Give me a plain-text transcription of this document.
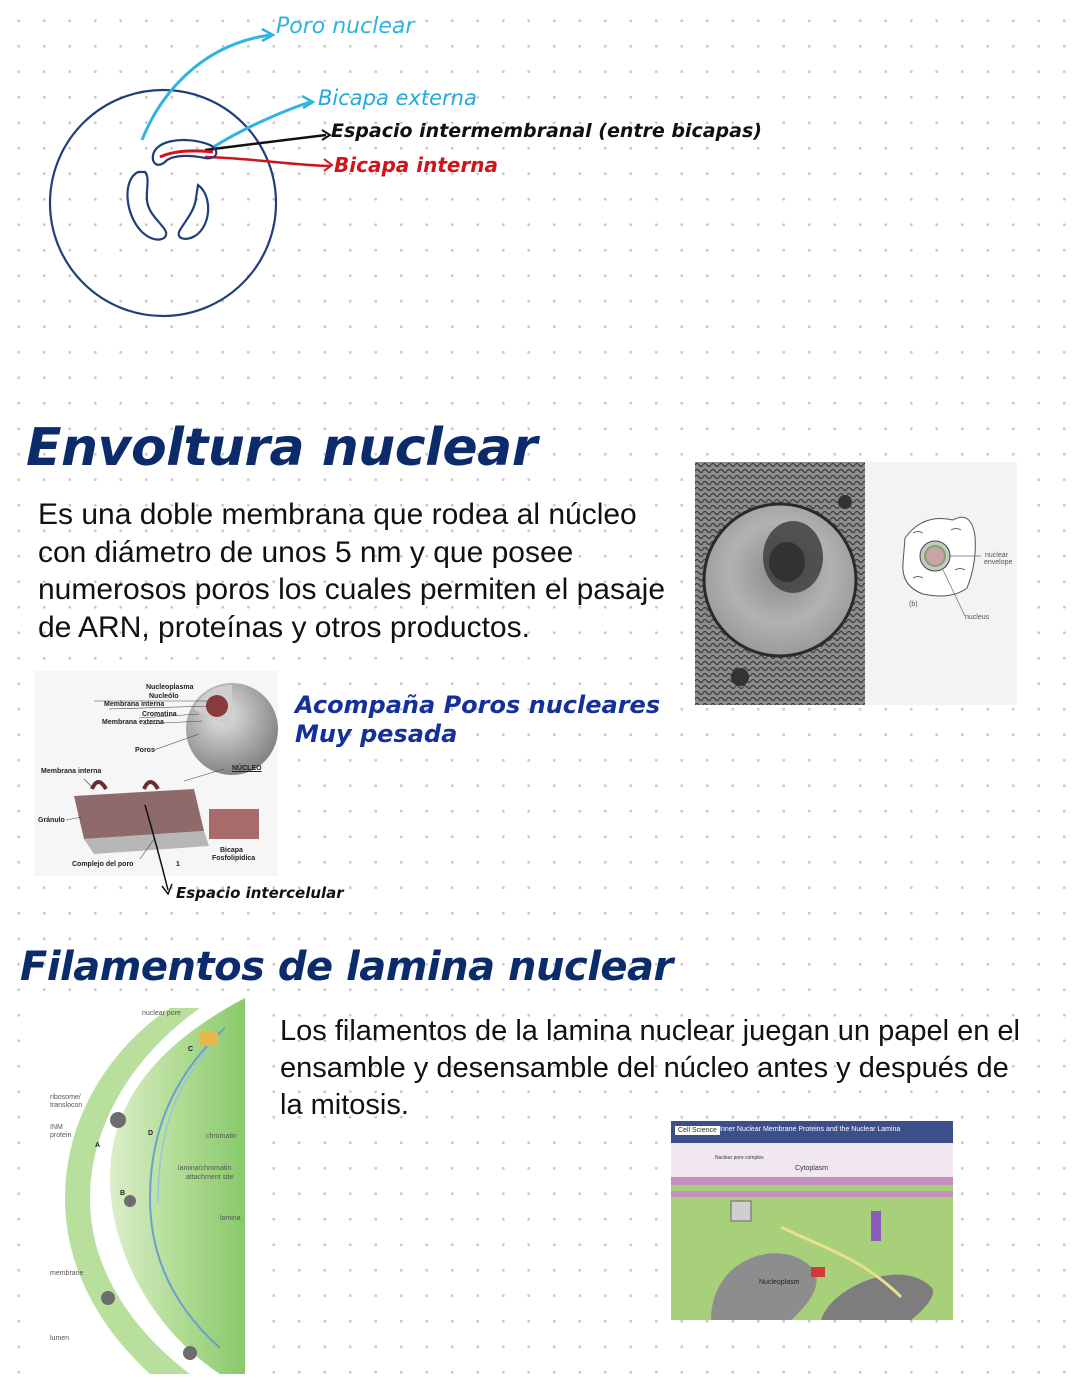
Poro nuclear
Bicapa externa
Espacio intermembranal (entre bicapas)
Bicapa interna
Envoltura nuclear
Es una doble membrana que rodea al núcleo con diámetro de unos 5 nm y que posee numerosos poros los cuales permiten el pasaje de ARN, proteínas y otros productos.
nuclear
envelope
nucleus
(b)
Nucleoplasma
Nucleólo
Membrana interna
Cromatina
Membrana externa
Poros
NÚCLEO
Membrana interna
Gránulo
Complejo del poro	1
Bicapa
Fosfolipídica
Acompaña Poros nucleares
Muy pesada
Espacio intercelular
Filamentos de lamina nuclear
Los filamentos de la lamina nuclear juegan un papel en el ensamble y desensamble del núcleo antes y después de la mitosis.
nuclear pore
ribosome/
translocon
INM
protein	chromatin
lamina/chromatin
attachment site
lamina
membrane
lumen
A
B
C
D	Cell Science Inner Nuclear Membrane Proteins and the Nuclear Lamina
Cytoplasm
Nuclear pore complex
Nucleoplasm
